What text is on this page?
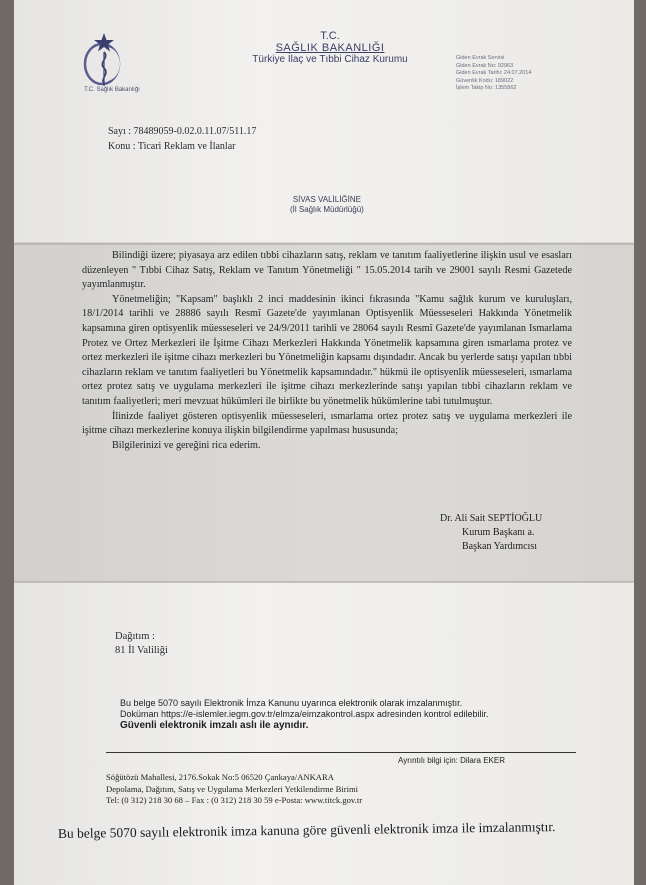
T.C. Sağlık Bakanlığı
T.C.
SAĞLIK BAKANLIĞI
Türkiye İlaç ve Tıbbi Cihaz Kurumu	Giden Evrak Servisi
Giden Evrak No: 92963
Giden Evrak Tarihi: 24.07.2014
Güvenlik Kodu: 189022
İşlem Takip No: 1355862
Sayı : 78489059-0.02.0.11.07/511.17
Konu : Ticari Reklam ve İlanlar
SİVAS VALİLİĞİNE
(İl Sağlık Müdürlüğü)

Bilindiği üzere; piyasaya arz edilen tıbbi cihazların satış, reklam ve tanıtım faaliyetlerine ilişkin usul ve esasları düzenleyen " Tıbbi Cihaz Satış, Reklam ve Tanıtım Yönetmeliği " 15.05.2014 tarih ve 29001 sayılı Resmi Gazetede yayımlanmıştır.

Yönetmeliğin; "Kapsam" başlıklı 2 inci maddesinin ikinci fıkrasında "Kamu sağlık kurum ve kuruluşları, 18/1/2014 tarihli ve 28886 sayılı Resmî Gazete'de yayımlanan Optisyenlik Müesseseleri Hakkında Yönetmelik kapsamına giren optisyenlik müesseseleri ve 24/9/2011 tarihli ve 28064 sayılı Resmî Gazete'de yayımlanan Ismarlama Protez ve Ortez Merkezleri ile İşitme Cihazı Merkezleri Hakkında Yönetmelik kapsamına giren ısmarlama protez ve ortez merkezleri ile işitme cihazı merkezleri bu Yönetmeliğin kapsamı dışındadır. Ancak bu yerlerde satışı yapılan tıbbi cihazların reklam ve tanıtım faaliyetleri bu Yönetmelik kapsamındadır." hükmü ile optisyenlik müesseseleri, ısmarlama ortez protez satış ve uygulama merkezleri ile işitme cihazı merkezlerinde satışı yapılan tıbbi cihazların reklam ve tanıtım faaliyetleri; meri mevzuat hükümleri ile birlikte bu yönetmelik hükümlerine tabi tutulmuştur.

İlinizde faaliyet gösteren optisyenlik müesseseleri, ısmarlama ortez protez satış ve uygulama merkezleri ile işitme cihazı merkezlerine konuya ilişkin bilgilendirme yapılması hususunda;

Bilgilerinizi ve gereğini rica ederim.

Dr. Ali Sait SEPTİOĞLU
Kurum Başkanı a.
Başkan Yardımcısı
Dağıtım :
81 İl Valiliği
Bu belge 5070 sayılı Elektronik İmza Kanunu uyarınca elektronik olarak imzalanmıştır.
Doküman https://e-islemler.iegm.gov.tr/elmza/eimzakontrol.aspx adresinden kontrol edilebilir.
Güvenli elektronik imzalı aslı ile aynıdır.
Ayrıntılı bilgi için: Dilara EKER
Söğütözü Mahallesi, 2176.Sokak No:5 06520 Çankaya/ANKARA
Depolama, Dağıtım, Satış ve Uygulama Merkezleri Yetkilendirme Birimi
Tel: (0 312) 218 30 68 – Fax : (0 312) 218 30 59 e-Posta: www.titck.gov.tr
Bu belge 5070 sayılı elektronik imza kanuna göre güvenli elektronik imza ile imzalanmıştır.
